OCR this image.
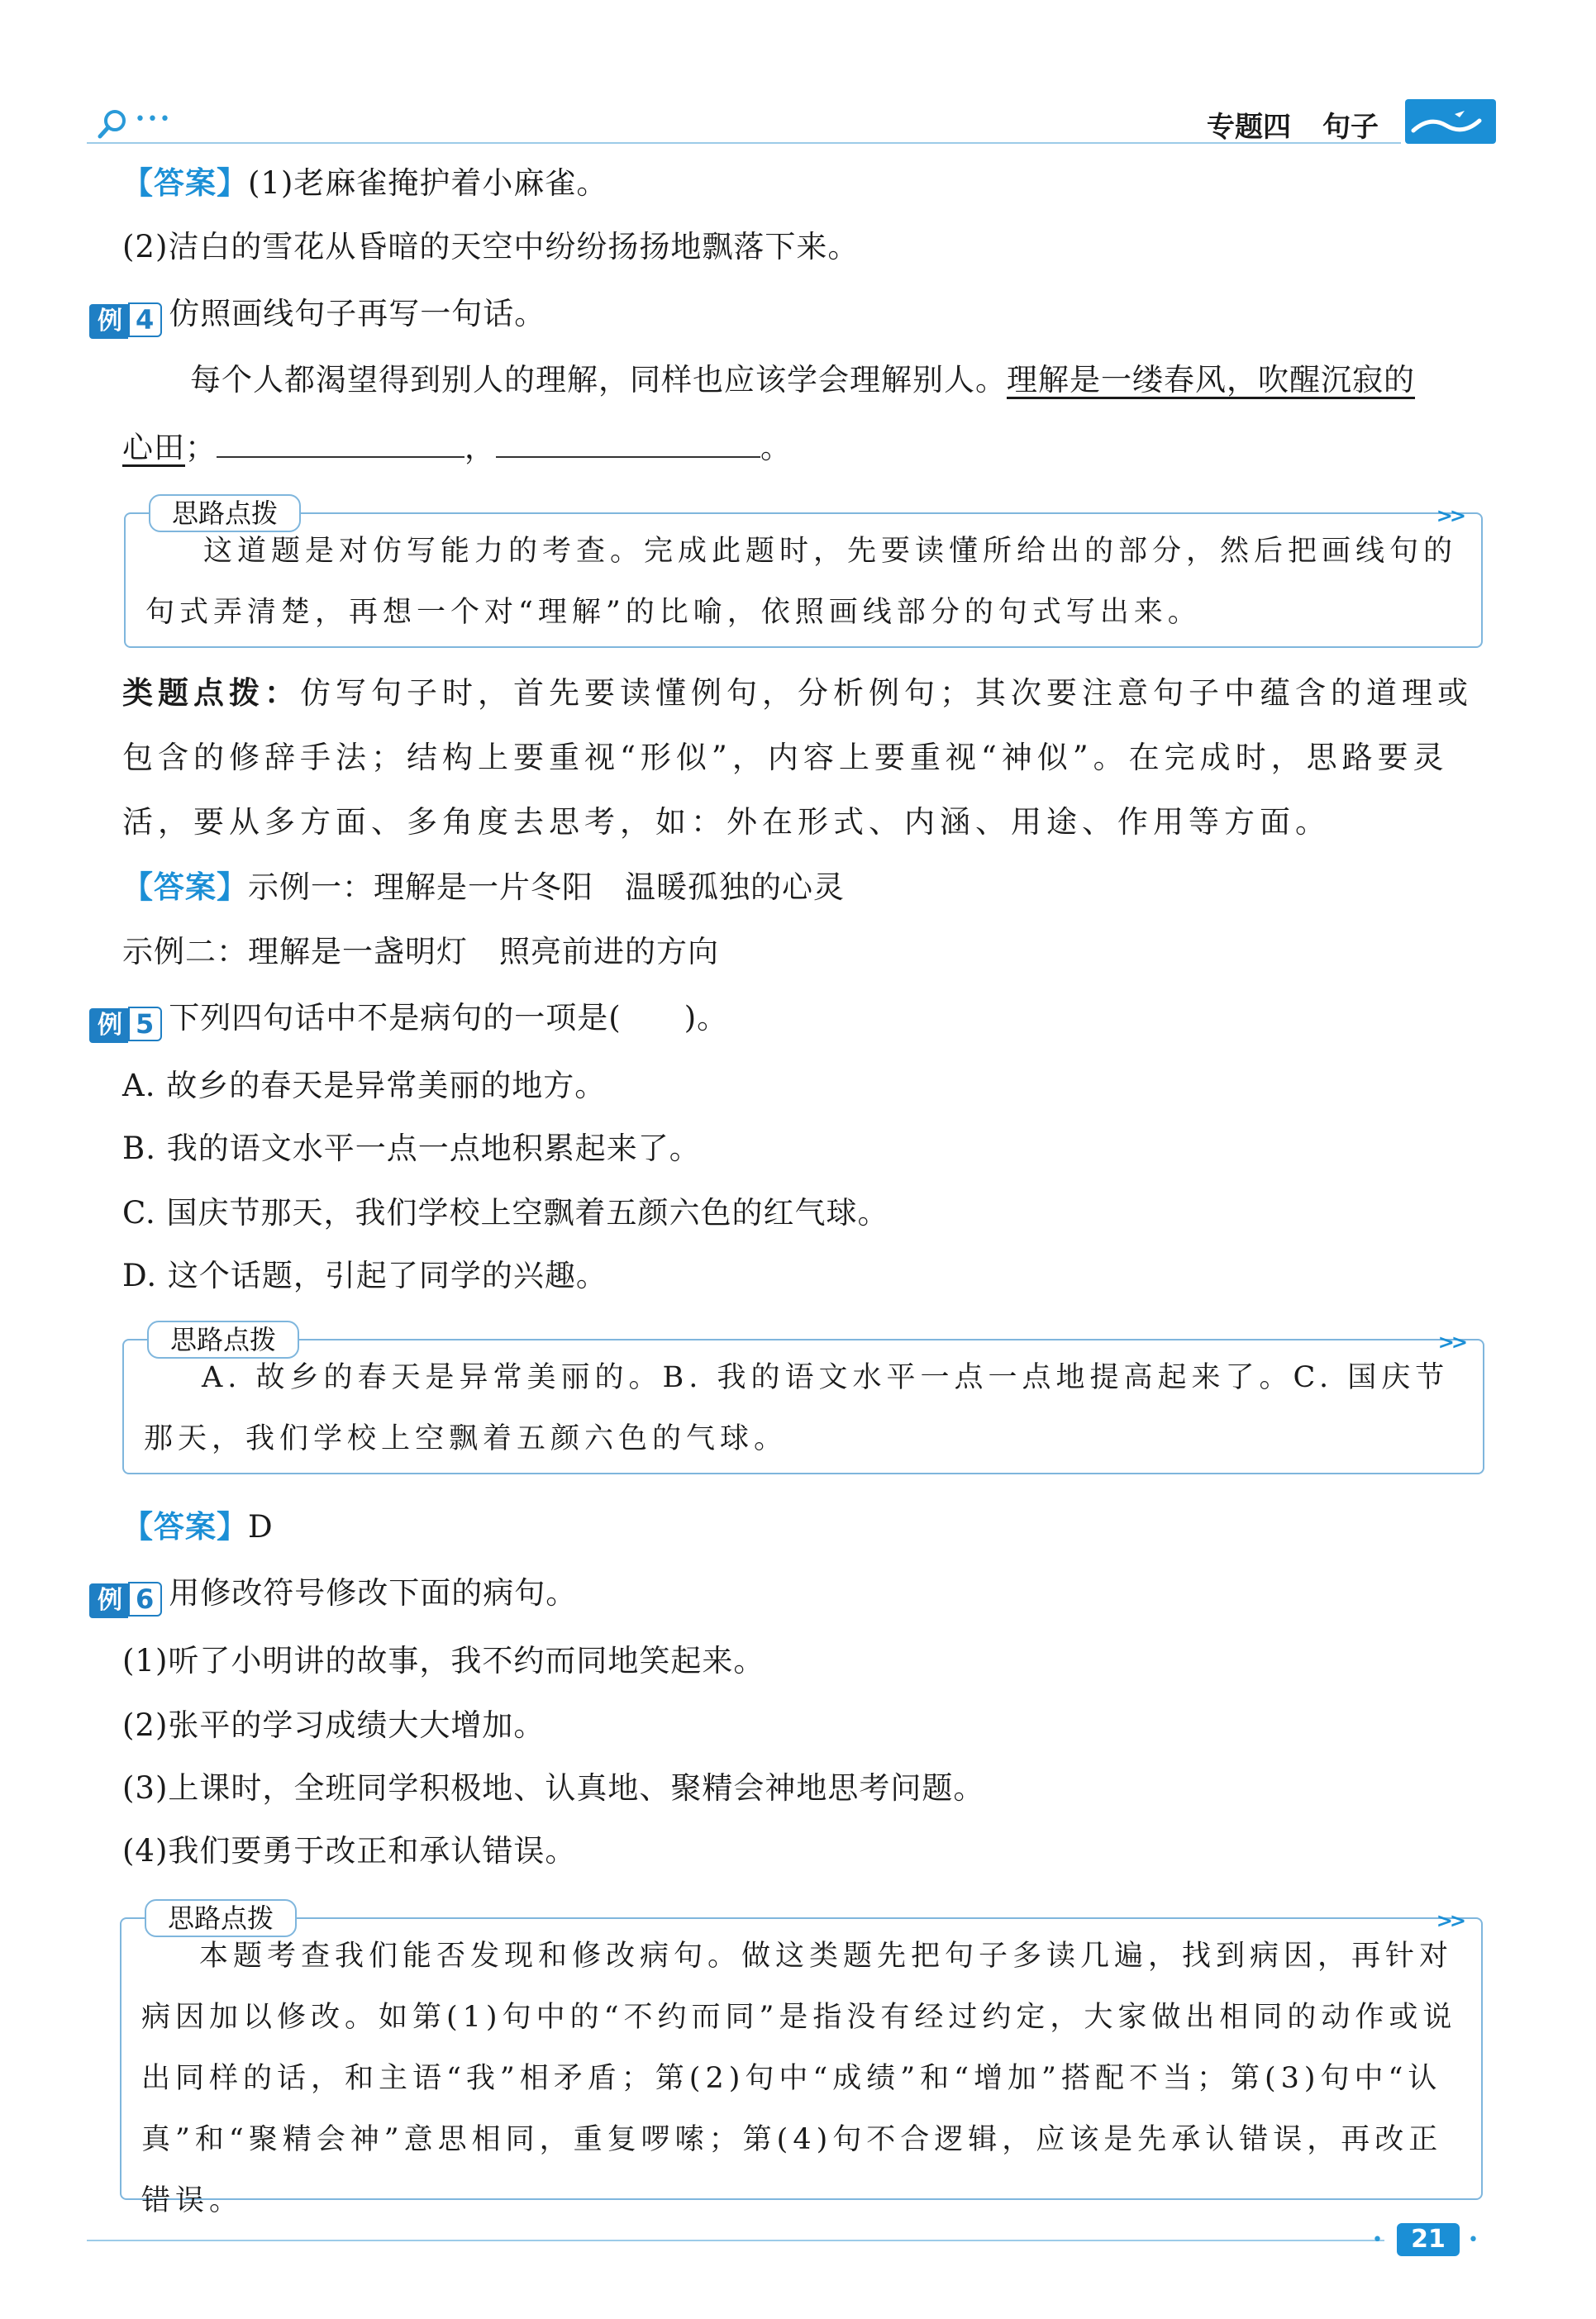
•••	专题四 句子
【答案】(1)老麻雀掩护着小麻雀。
(2)洁白的雪花从昏暗的天空中纷纷扬扬地飘落下来。
例 4 仿照画线句子再写一句话。
每个人都渴望得到别人的理解，同样也应该学会理解别人。理解是一缕春风，吹醒沉寂的
心田；	，	。
思路点拨	>>
这道题是对仿写能力的考查。完成此题时，先要读懂所给出的部分，然后把画线句的句式弄清楚，再想一个对“理解”的比喻，依照画线部分的句式写出来。
类题点拨：仿写句子时，首先要读懂例句，分析例句；其次要注意句子中蕴含的道理或包含的修辞手法；结构上要重视“形似”，内容上要重视“神似”。在完成时，思路要灵活，要从多方面、多角度去思考，如：外在形式、内涵、用途、作用等方面。
【答案】示例一：理解是一片冬阳　温暖孤独的心灵
示例二：理解是一盏明灯　照亮前进的方向
例 5 下列四句话中不是病句的一项是(　　)。
A. 故乡的春天是异常美丽的地方。
B. 我的语文水平一点一点地积累起来了。
C. 国庆节那天，我们学校上空飘着五颜六色的红气球。
D. 这个话题，引起了同学的兴趣。
思路点拨	>>
A. 故乡的春天是异常美丽的。B. 我的语文水平一点一点地提高起来了。C. 国庆节那天，我们学校上空飘着五颜六色的气球。
【答案】D
例 6 用修改符号修改下面的病句。
(1)听了小明讲的故事，我不约而同地笑起来。
(2)张平的学习成绩大大增加。
(3)上课时，全班同学积极地、认真地、聚精会神地思考问题。
(4)我们要勇于改正和承认错误。
思路点拨	>>
本题考查我们能否发现和修改病句。做这类题先把句子多读几遍，找到病因，再针对病因加以修改。如第(1)句中的“不约而同”是指没有经过约定，大家做出相同的动作或说出同样的话，和主语“我”相矛盾；第(2)句中“成绩”和“增加”搭配不当；第(3)句中“认真”和“聚精会神”意思相同，重复啰嗦；第(4)句不合逻辑，应该是先承认错误，再改正错误。
•	21	•
